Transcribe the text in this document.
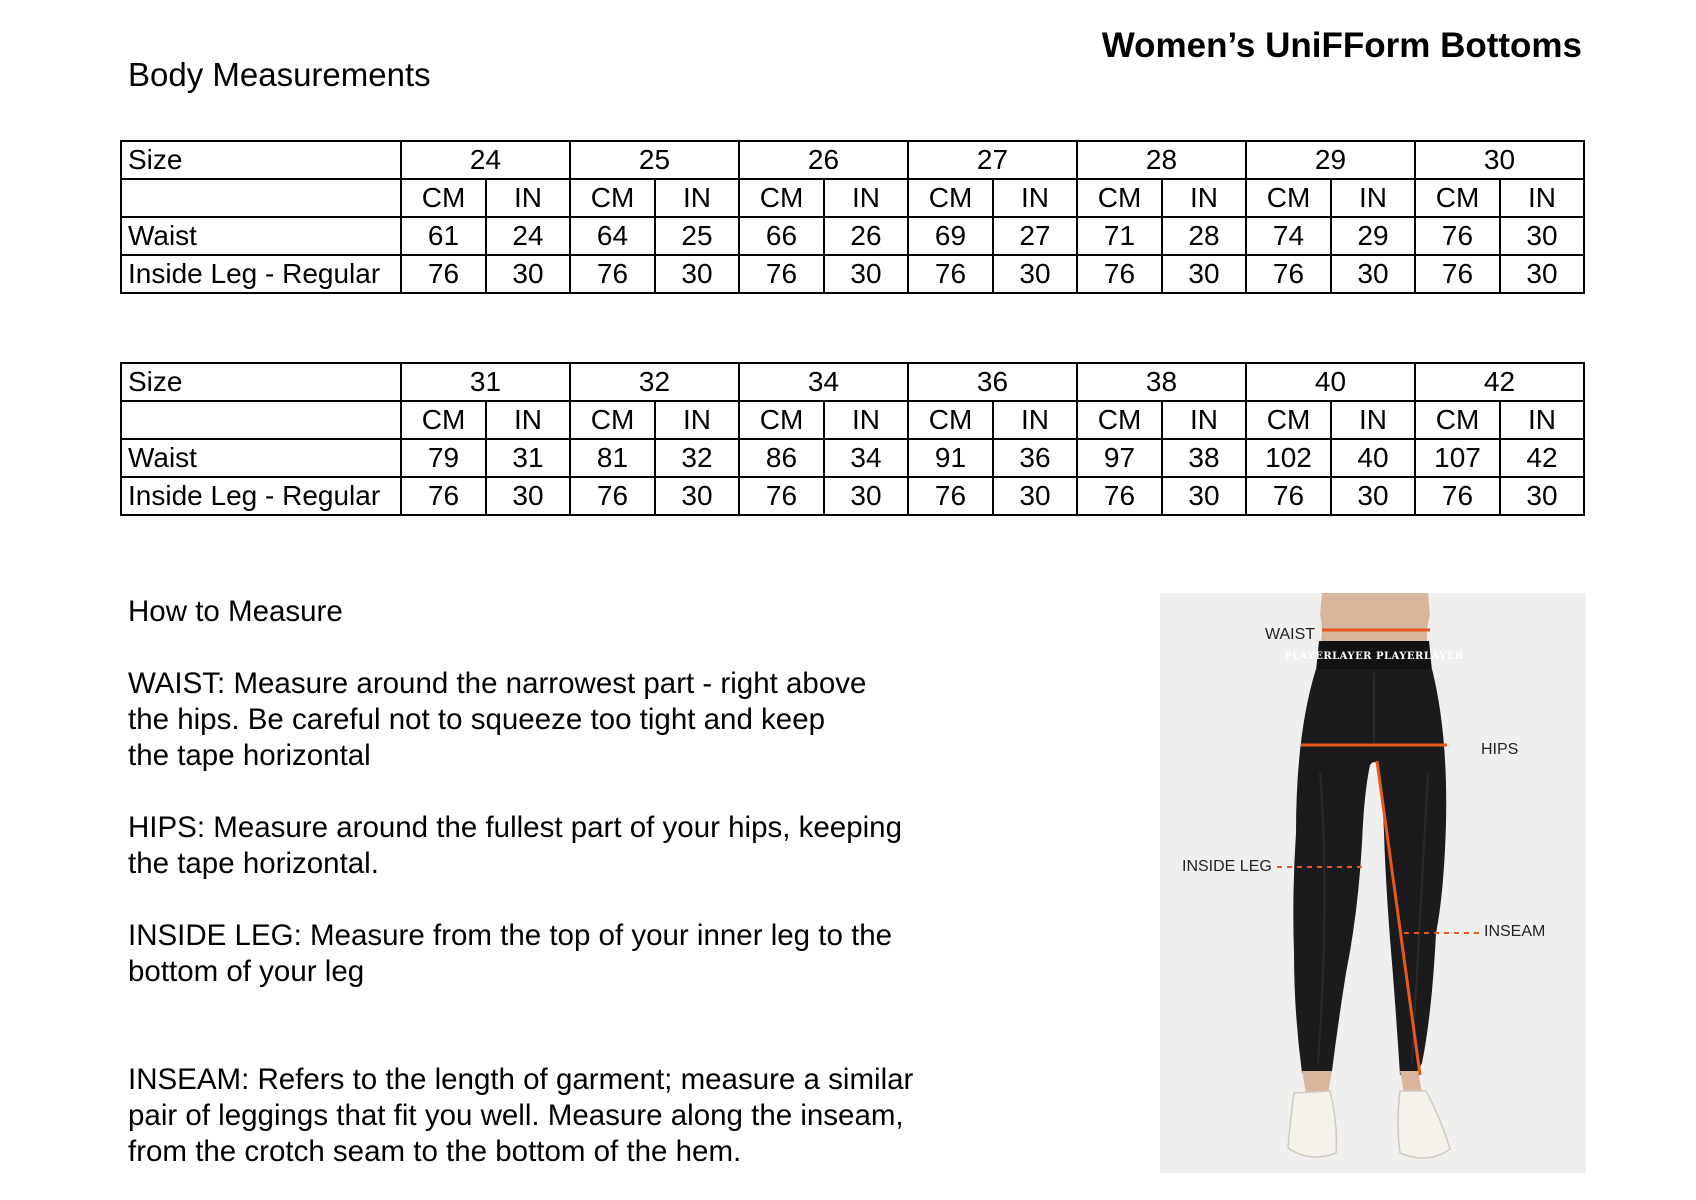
Women’s UniFForm Bottoms
Body Measurements
Size	24		25		26		27		28		29		30	
	CM	IN	CM	IN	CM	IN	CM	IN	CM	IN	CM	IN	CM	IN
Waist	61	24	64	25	66	26	69	27	71	28	74	29	76	30
Inside Leg - Regular	76	30	76	30	76	30	76	30	76	30	76	30	76	30
Size	31		32		34		36		38		40		42	
	CM	IN	CM	IN	CM	IN	CM	IN	CM	IN	CM	IN	CM	IN
Waist	79	31	81	32	86	34	91	36	97	38	102	40	107	42
Inside Leg - Regular	76	30	76	30	76	30	76	30	76	30	76	30	76	30

How to Measure

WAIST: Measure around the narrowest part - right above
the hips. Be careful not to squeeze too tight and keep
the tape horizontal

HIPS: Measure around the fullest part of your hips, keeping
the tape horizontal.

INSIDE LEG: Measure from the top of your inner leg to the
bottom of your leg

INSEAM: Refers to the length of garment; measure a similar
pair of leggings that fit you well. Measure along the inseam,
from the crotch seam to the bottom of the hem.

PLAYERLAYER PLAYERLAYER
WAIST
HIPS
INSIDE LEG
INSEAM
